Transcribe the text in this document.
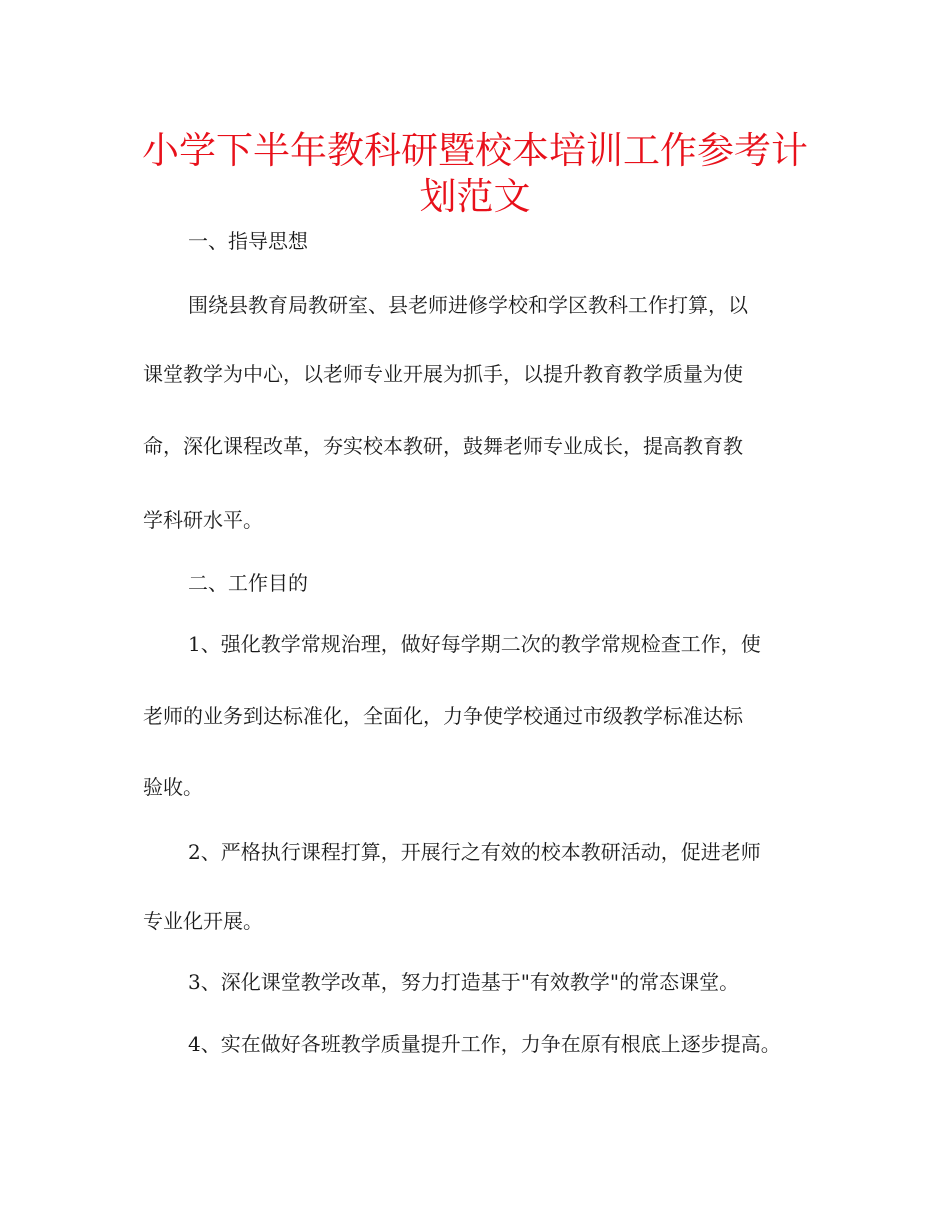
小学下半年教科研暨校本培训工作参考计
划范文

一、指导思想

围绕县教育局教研室、县老师进修学校和学区教科工作打算，以

课堂教学为中心，以老师专业开展为抓手，以提升教育教学质量为使

命，深化课程改革，夯实校本教研，鼓舞老师专业成长，提高教育教

学科研水平。

二、工作目的

1、强化教学常规治理，做好每学期二次的教学常规检查工作，使

老师的业务到达标准化，全面化，力争使学校通过市级教学标准达标

验收。

2、严格执行课程打算，开展行之有效的校本教研活动，促进老师

专业化开展。

3、深化课堂教学改革，努力打造基于"有效教学"的常态课堂。

4、实在做好各班教学质量提升工作，力争在原有根底上逐步提高。
